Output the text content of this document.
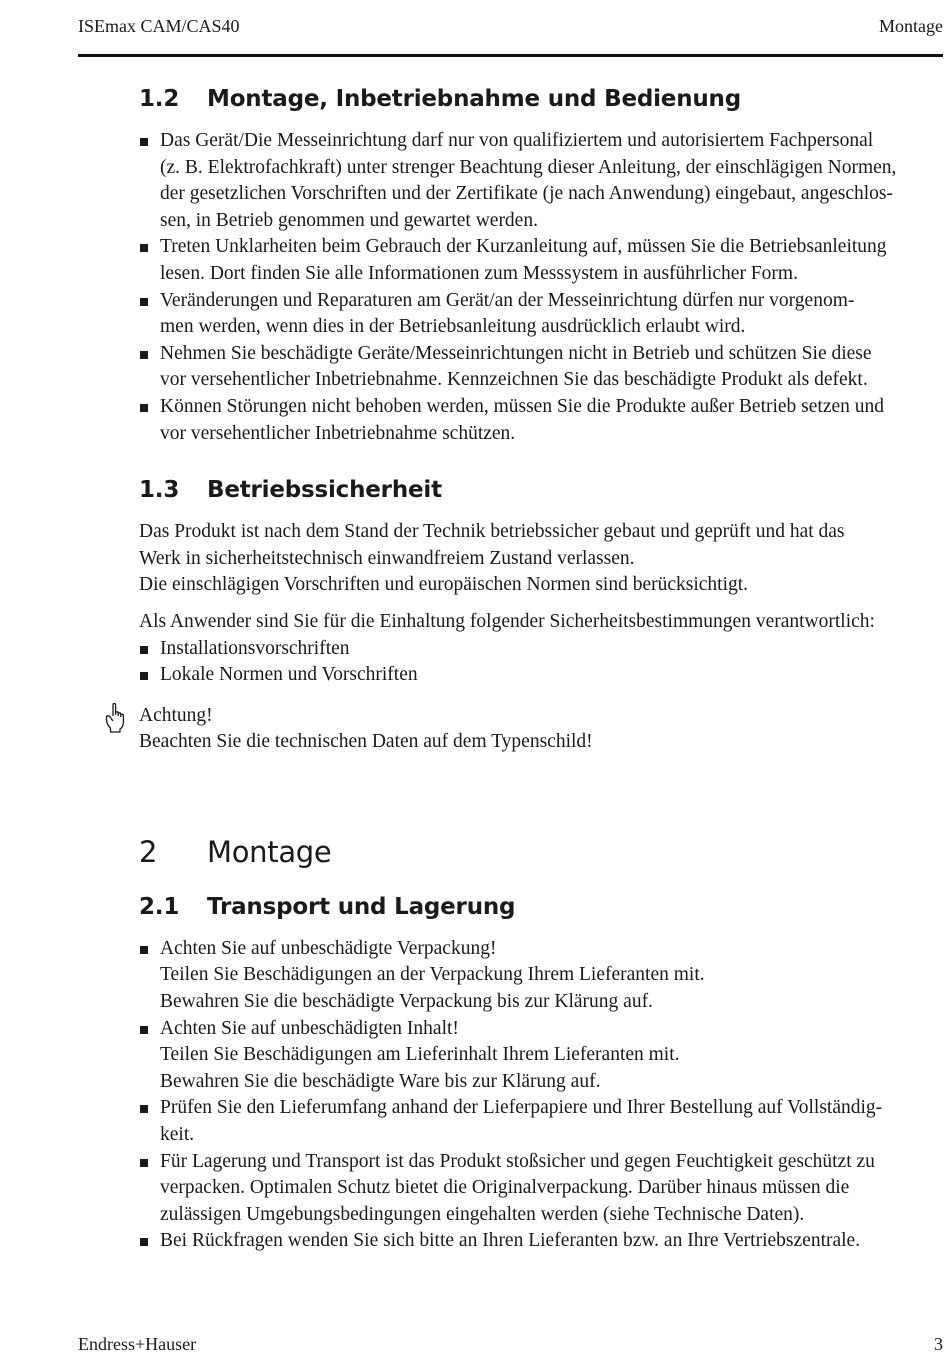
ISEmax CAM/CAS40	Montage
1.2 Montage, Inbetriebnahme und Bedienung
Das Gerät/Die Messeinrichtung darf nur von qualifiziertem und autorisiertem Fachpersonal
(z. B. Elektrofachkraft) unter strenger Beachtung dieser Anleitung, der einschlägigen Normen,
der gesetzlichen Vorschriften und der Zertifikate (je nach Anwendung) eingebaut, angeschlos-
sen, in Betrieb genommen und gewartet werden.
Treten Unklarheiten beim Gebrauch der Kurzanleitung auf, müssen Sie die Betriebsanleitung
lesen. Dort finden Sie alle Informationen zum Messsystem in ausführlicher Form.
Veränderungen und Reparaturen am Gerät/an der Messeinrichtung dürfen nur vorgenom-
men werden, wenn dies in der Betriebsanleitung ausdrücklich erlaubt wird.
Nehmen Sie beschädigte Geräte/Messeinrichtungen nicht in Betrieb und schützen Sie diese
vor versehentlicher Inbetriebnahme. Kennzeichnen Sie das beschädigte Produkt als defekt.
Können Störungen nicht behoben werden, müssen Sie die Produkte außer Betrieb setzen und
vor versehentlicher Inbetriebnahme schützen.
1.3 Betriebssicherheit

Das Produkt ist nach dem Stand der Technik betriebssicher gebaut und geprüft und hat das
Werk in sicherheitstechnisch einwandfreiem Zustand verlassen.
Die einschlägigen Vorschriften und europäischen Normen sind berücksichtigt.

Als Anwender sind Sie für die Einhaltung folgender Sicherheitsbestimmungen verantwortlich:

Installationsvorschriften
Lokale Normen und Vorschriften
Achtung!
Beachten Sie die technischen Daten auf dem Typenschild!
2 Montage
2.1 Transport und Lagerung
Achten Sie auf unbeschädigte Verpackung!
Teilen Sie Beschädigungen an der Verpackung Ihrem Lieferanten mit.
Bewahren Sie die beschädigte Verpackung bis zur Klärung auf.
Achten Sie auf unbeschädigten Inhalt!
Teilen Sie Beschädigungen am Lieferinhalt Ihrem Lieferanten mit.
Bewahren Sie die beschädigte Ware bis zur Klärung auf.
Prüfen Sie den Lieferumfang anhand der Lieferpapiere und Ihrer Bestellung auf Vollständig-
keit.
Für Lagerung und Transport ist das Produkt stoßsicher und gegen Feuchtigkeit geschützt zu
verpacken. Optimalen Schutz bietet die Originalverpackung. Darüber hinaus müssen die
zulässigen Umgebungsbedingungen eingehalten werden (siehe Technische Daten).
Bei Rückfragen wenden Sie sich bitte an Ihren Lieferanten bzw. an Ihre Vertriebszentrale.
Endress+Hauser	3
